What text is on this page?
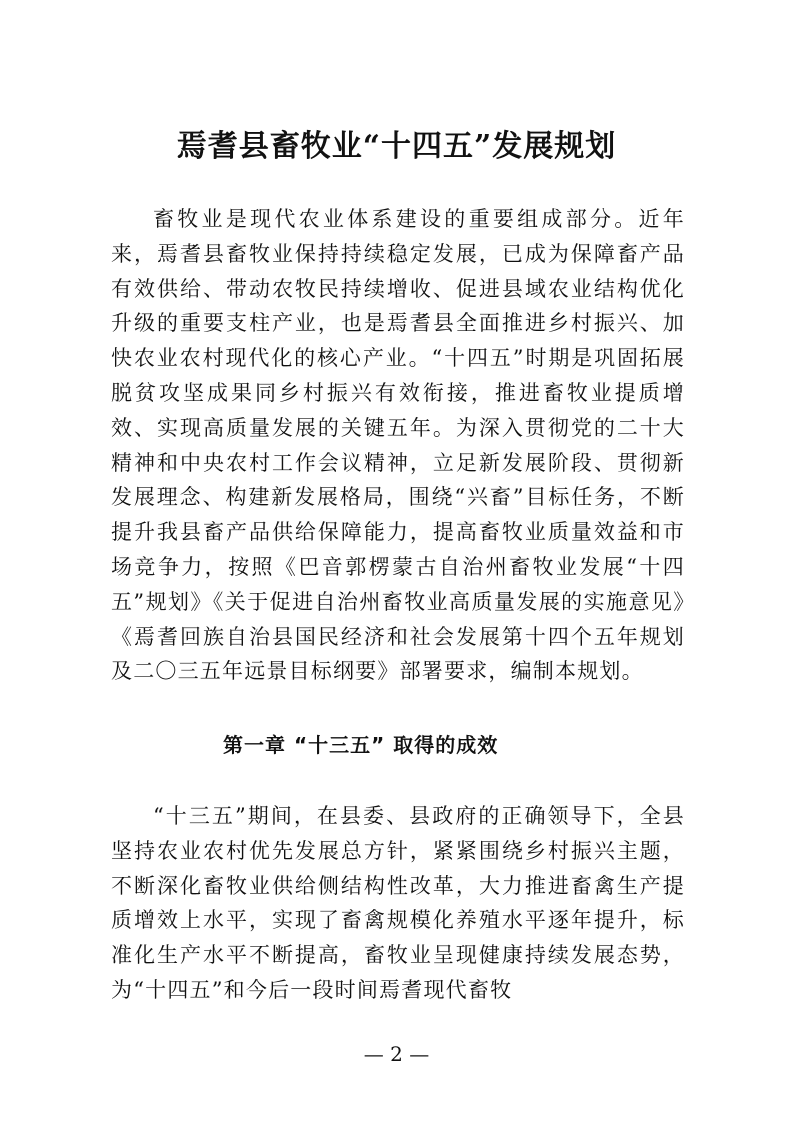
焉耆县畜牧业“十四五”发展规划

畜牧业是现代农业体系建设的重要组成部分。近年来，焉耆县畜牧业保持持续稳定发展，已成为保障畜产品有效供给、带动农牧民持续增收、促进县域农业结构优化升级的重要支柱产业，也是焉耆县全面推进乡村振兴、加快农业农村现代化的核心产业。“十四五”时期是巩固拓展脱贫攻坚成果同乡村振兴有效衔接，推进畜牧业提质增效、实现高质量发展的关键五年。为深入贯彻党的二十大精神和中央农村工作会议精神，立足新发展阶段、贯彻新发展理念、构建新发展格局，围绕“兴畜”目标任务，不断提升我县畜产品供给保障能力，提高畜牧业质量效益和市场竞争力，按照《巴音郭楞蒙古自治州畜牧业发展“十四五”规划》《关于促进自治州畜牧业高质量发展的实施意见》《焉耆回族自治县国民经济和社会发展第十四个五年规划及二〇三五年远景目标纲要》部署要求，编制本规划。

第一章 “十三五” 取得的成效

“十三五”期间，在县委、县政府的正确领导下，全县坚持农业农村优先发展总方针，紧紧围绕乡村振兴主题，不断深化畜牧业供给侧结构性改革，大力推进畜禽生产提质增效上水平，实现了畜禽规模化养殖水平逐年提升，标准化生产水平不断提高，畜牧业呈现健康持续发展态势，为“十四五”和今后一段时间焉耆现代畜牧

— 2 —
